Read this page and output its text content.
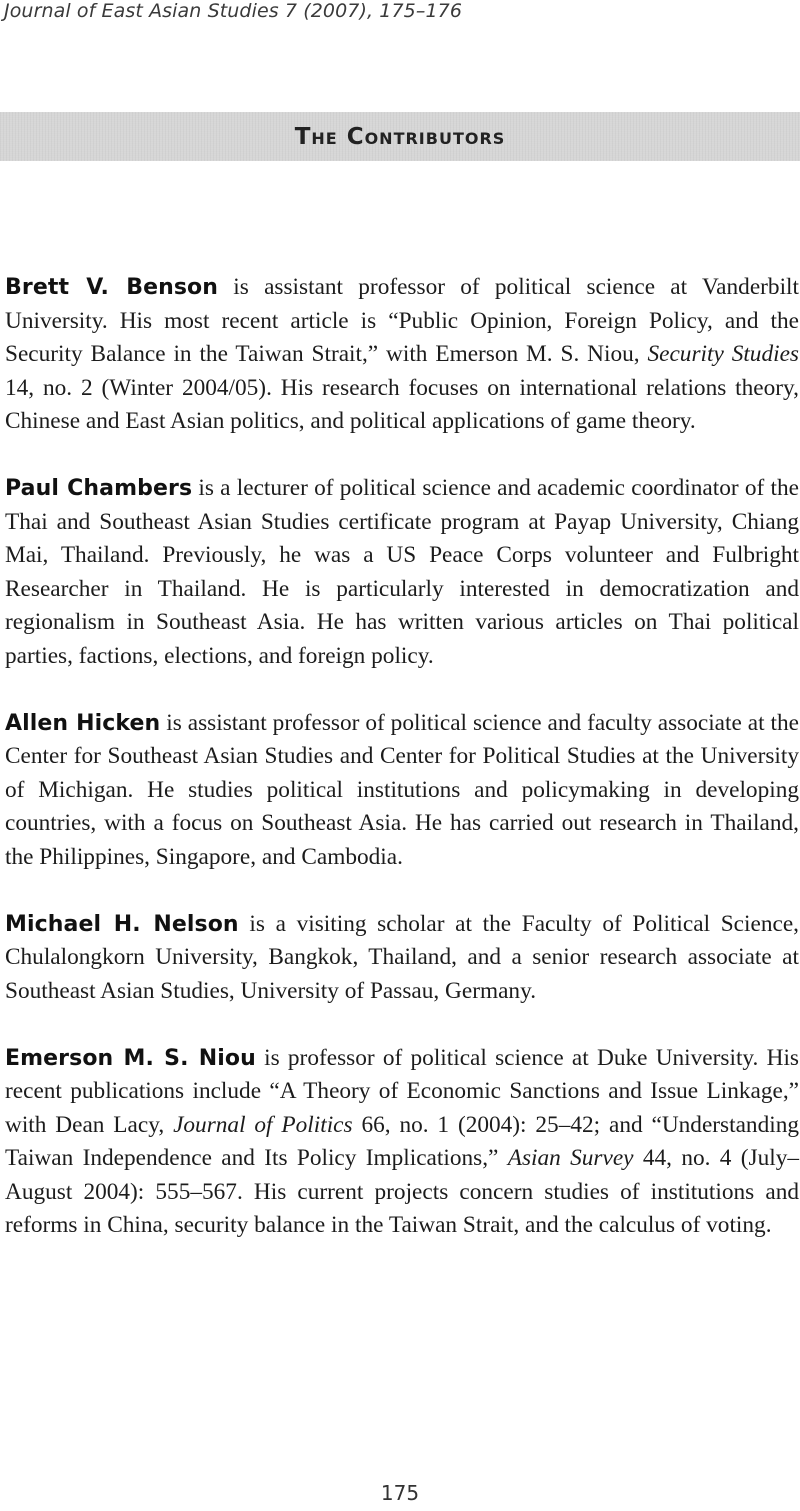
Journal of East Asian Studies 7 (2007), 175–176
The Contributors

Brett V. Benson is assistant professor of political science at Vanderbilt University. His most recent article is “Public Opinion, Foreign Policy, and the Security Balance in the Taiwan Strait,” with Emerson M. S. Niou, Security Studies 14, no. 2 (Winter 2004/05). His research focuses on international relations theory, Chinese and East Asian politics, and political applications of game theory.

Paul Chambers is a lecturer of political science and academic coordinator of the Thai and Southeast Asian Studies certificate program at Payap University, Chiang Mai, Thailand. Previously, he was a US Peace Corps volunteer and Fulbright Researcher in Thailand. He is particularly interested in democratization and regionalism in Southeast Asia. He has written various articles on Thai political parties, factions, elections, and foreign policy.

Allen Hicken is assistant professor of political science and faculty associate at the Center for Southeast Asian Studies and Center for Political Studies at the University of Michigan. He studies political institutions and policymaking in developing countries, with a focus on Southeast Asia. He has carried out research in Thailand, the Philippines, Singapore, and Cambodia.

Michael H. Nelson is a visiting scholar at the Faculty of Political Science, Chulalongkorn University, Bangkok, Thailand, and a senior research associate at Southeast Asian Studies, University of Passau, Germany.

Emerson M. S. Niou is professor of political science at Duke University. His recent publications include “A Theory of Economic Sanctions and Issue Linkage,” with Dean Lacy, Journal of Politics 66, no. 1 (2004): 25–42; and “Understanding Taiwan Independence and Its Policy Implications,” Asian Survey 44, no. 4 (July–August 2004): 555–567. His current projects concern studies of institutions and reforms in China, security balance in the Taiwan Strait, and the calculus of voting.

175
